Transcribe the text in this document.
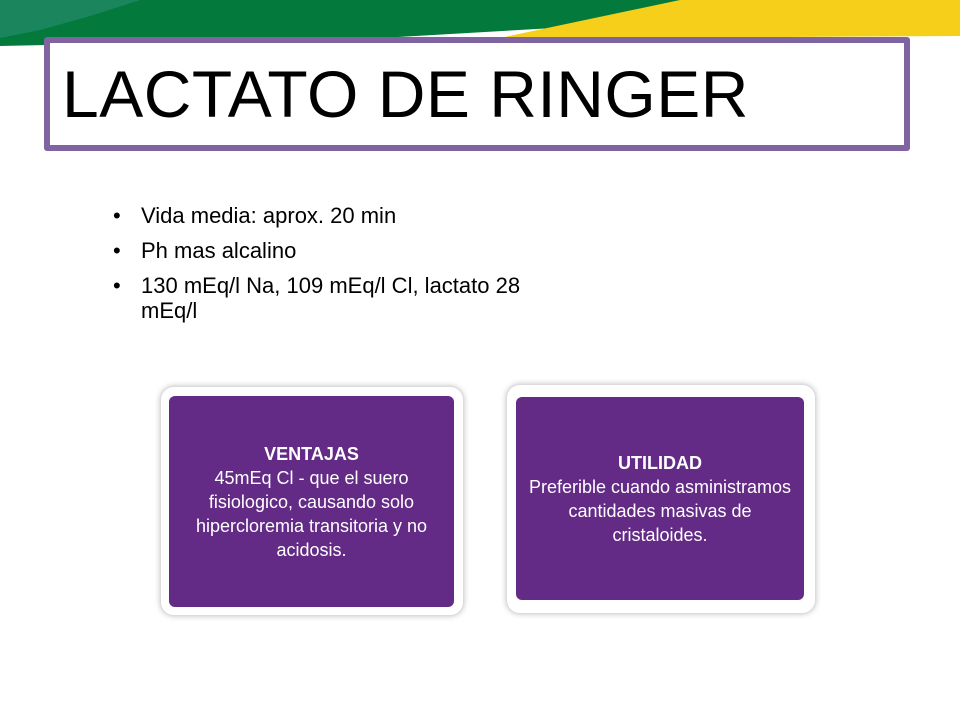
LACTATO DE RINGER
• Vida media: aprox. 20 min
• Ph mas alcalino
• 130 mEq/l Na, 109 mEq/l Cl, lactato 28 mEq/l
VENTAJAS
45mEq Cl - que el suero fisiologico, causando solo hipercloremia transitoria y no acidosis.
UTILIDAD
Preferible cuando asministramos cantidades masivas de cristaloides.
